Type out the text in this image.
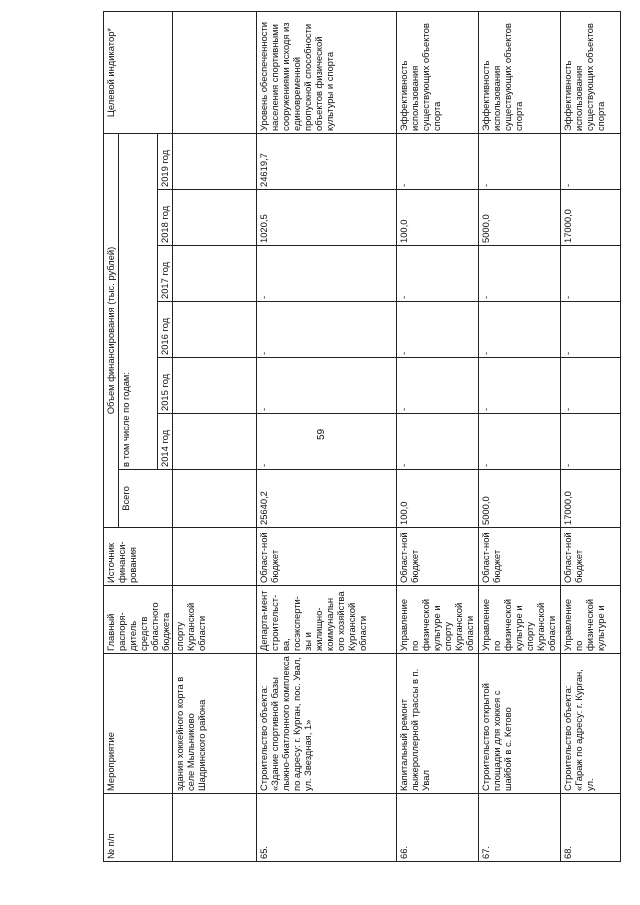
59
№ п/п	Мероприятие	Главный распоря-дитель средств областного бюджета	Источник финанси-рования	Объем финансирования (тыс. рублей)							Целевой индикатор*
				Всего	в том числе по годам:						
					2014 год	2015 год	2016 год	2017 год	2018 год	2019 год	
	здания хоккейного корта в селе Мыльниково Шадринского района	спорту Курганской области									
65.	Строительство объекта: «Здание спортивной базы лыжно-биатлонного комплекса по адресу: г. Курган, пос. Увал, ул. Звездная, 1»	Департа-мент строительст-ва, госэксперти-зы и жилищно-коммунальн ого хозяйства Курганской области	Област-ной бюджет	25640,2	-	-	-	-	1020,5	24619,7	Уровень обеспеченности населения спортивными сооружениями исходя из единовременной пропускной способности объектов физической культуры и спорта
66.	Капитальный ремонт лыжероллерной трассы в п. Увал	Управление по физической культуре и спорту Курганской области	Област-ной бюджет	100,0	-	-	-	-	100,0	-	Эффективность использования существующих объектов спорта
67.	Строительство открытой площадки для хоккея с шайбой в с. Кетово	Управление по физической культуре и спорту Курганской области	Област-ной бюджет	5000,0	-	-	-	-	5000,0	-	Эффективность использования существующих объектов спорта
68.	Строительство объекта: «Гараж по адресу: г. Курган, ул.	Управление по физической культуре и	Област-ной бюджет	17000,0	-	-	-	-	17000,0	-	Эффективность использования существующих объектов спорта
